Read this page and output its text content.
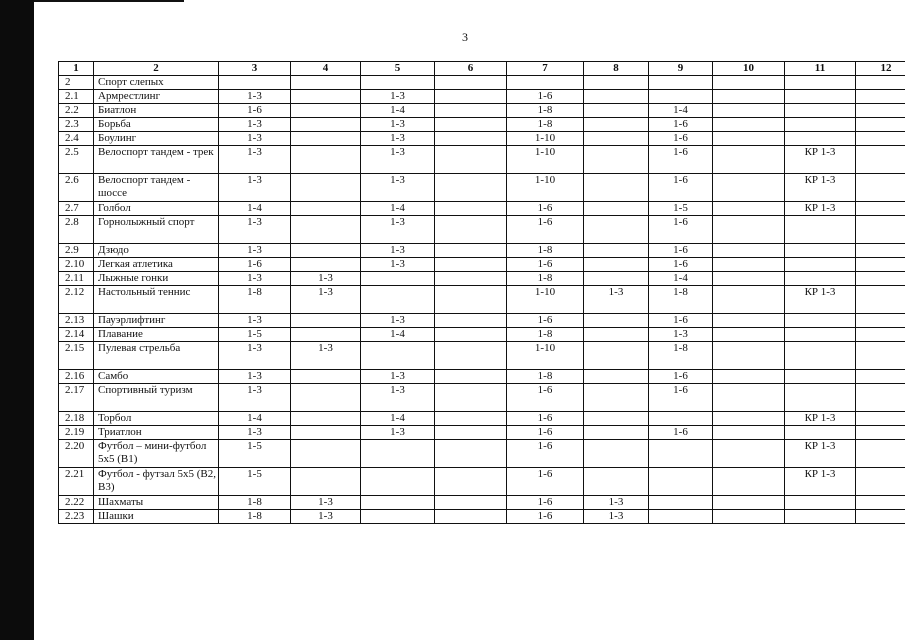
3
1	2	3	4	5	6	7	8	9	10	11	12
2	Спорт слепых										
2.1	Армрестлинг	1-3		1-3		1-6					
2.2	Биатлон	1-6		1-4		1-8		1-4			
2.3	Борьба	1-3		1-3		1-8		1-6			
2.4	Боулинг	1-3		1-3		1-10		1-6			
2.5	Велоспорт тандем - трек	1-3		1-3		1-10		1-6		КР 1-3	
2.6	Велоспорт тандем - шоссе	1-3		1-3		1-10		1-6		КР 1-3	
2.7	Голбол	1-4		1-4		1-6		1-5		КР 1-3	
2.8	Горнолыжный спорт	1-3		1-3		1-6		1-6			
2.9	Дзюдо	1-3		1-3		1-8		1-6			
2.10	Легкая атлетика	1-6		1-3		1-6		1-6			
2.11	Лыжные гонки	1-3	1-3			1-8		1-4			
2.12	Настольный теннис	1-8	1-3			1-10	1-3	1-8		КР 1-3	
2.13	Пауэрлифтинг	1-3		1-3		1-6		1-6			
2.14	Плавание	1-5		1-4		1-8		1-3			
2.15	Пулевая стрельба	1-3	1-3			1-10		1-8			
2.16	Самбо	1-3		1-3		1-8		1-6			
2.17	Спортивный туризм	1-3		1-3		1-6		1-6			
2.18	Торбол	1-4		1-4		1-6				КР 1-3	
2.19	Триатлон	1-3		1-3		1-6		1-6			
2.20	Футбол – мини-футбол 5х5 (В1)	1-5				1-6				КР 1-3	
2.21	Футбол - футзал 5х5 (В2, В3)	1-5				1-6				КР 1-3	
2.22	Шахматы	1-8	1-3			1-6	1-3				
2.23	Шашки	1-8	1-3			1-6	1-3				
